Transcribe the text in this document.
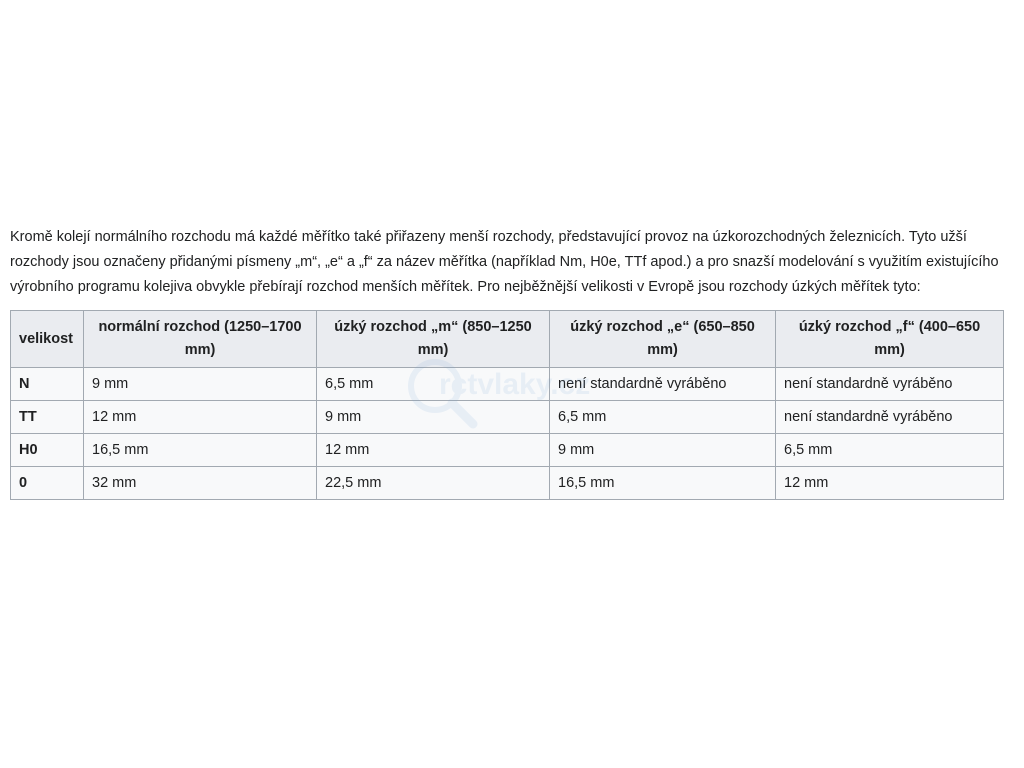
Kromě kolejí normálního rozchodu má každé měřítko také přiřazeny menší rozchody, představující provoz na úzkorozchodných železnicích. Tyto užší rozchody jsou označeny přidanými písmeny „m“, „e“ a „f“ za název měřítka (například Nm, H0e, TTf apod.) a pro snazší modelování s využitím existujícího výrobního programu kolejiva obvykle přebírají rozchod menších měřítek. Pro nejběžnější velikosti v Evropě jsou rozchody úzkých měřítek tyto:

velikost	normální rozchod (1250–1700 mm)	úzký rozchod „m“ (850–1250 mm)	úzký rozchod „e“ (650–850 mm)	úzký rozchod „f“ (400–650 mm)
N	9 mm	6,5 mm	není standardně vyráběno	není standardně vyráběno
TT	12 mm	9 mm	6,5 mm	není standardně vyráběno
H0	16,5 mm	12 mm	9 mm	6,5 mm
0	32 mm	22,5 mm	16,5 mm	12 mm
